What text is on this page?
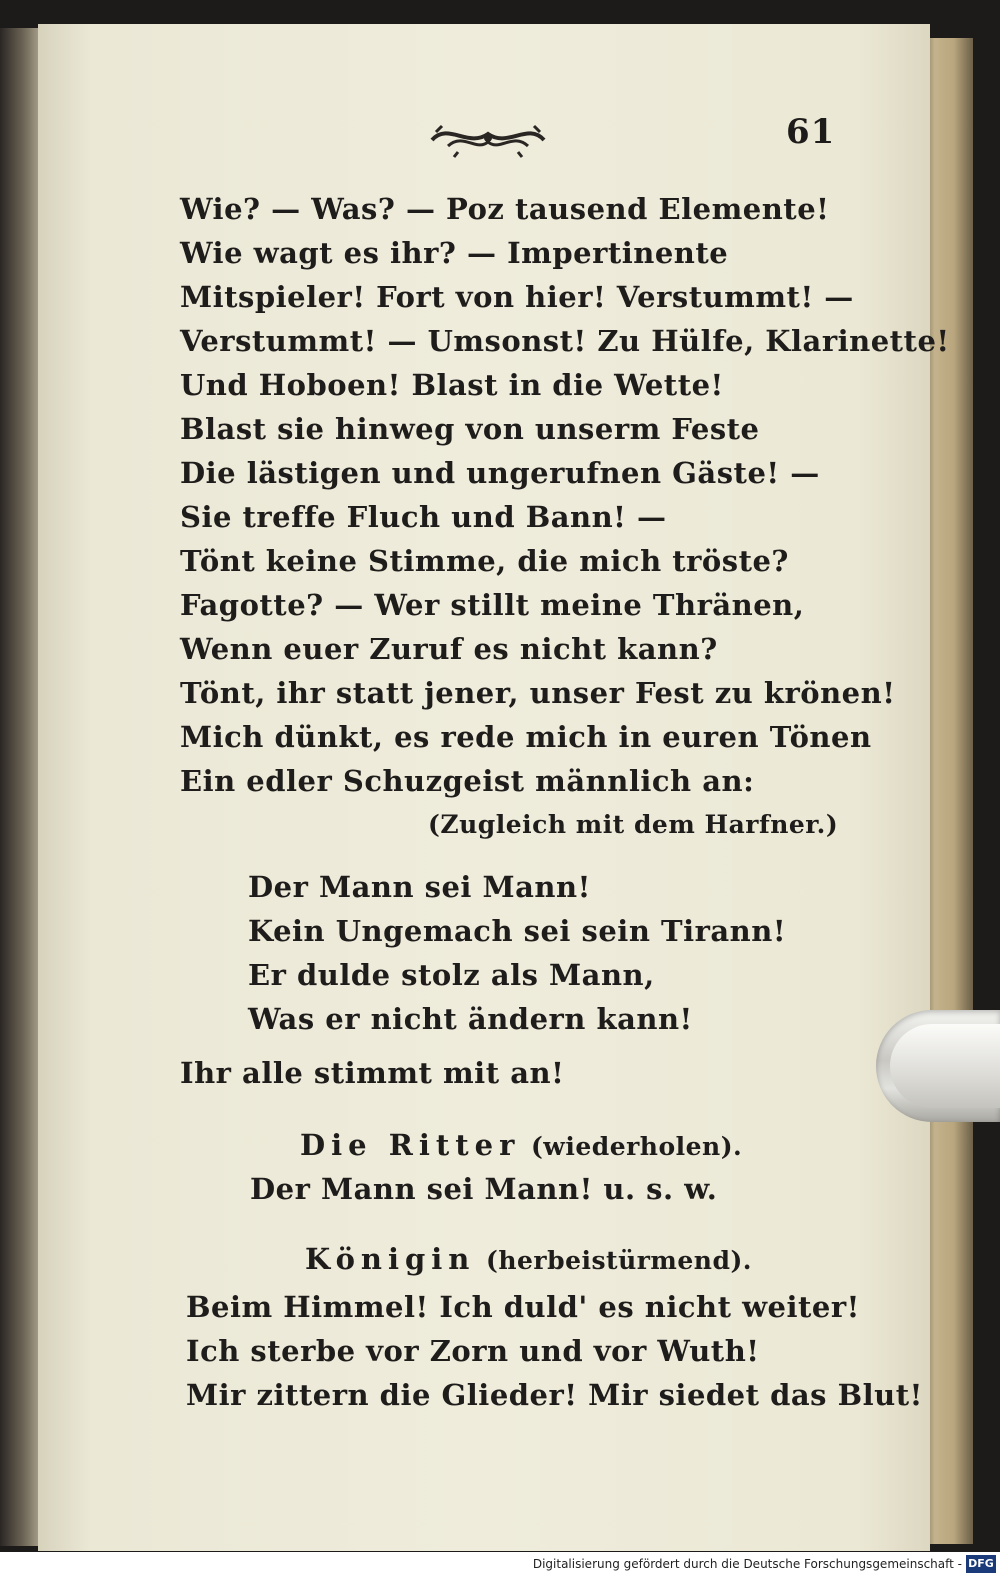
61
Wie? — Was? — Poz tausend Elemente!
Wie wagt es ihr? — Impertinente
Mitspieler! Fort von hier! Verstummt! —
Verstummt! — Umsonst! Zu Hülfe, Klarinette!
Und Hoboen! Blast in die Wette!
Blast sie hinweg von unserm Feste
Die lästigen und ungerufnen Gäste! —
Sie treffe Fluch und Bann! —
Tönt keine Stimme, die mich tröste?
Fagotte? — Wer stillt meine Thränen,
Wenn euer Zuruf es nicht kann?
Tönt, ihr statt jener, unser Fest zu krönen!
Mich dünkt, es rede mich in euren Tönen
Ein edler Schuzgeist männlich an:
(Zugleich mit dem Harfner.)
Der Mann sei Mann!
Kein Ungemach sei sein Tirann!
Er dulde stolz als Mann,
Was er nicht ändern kann!
Ihr alle stimmt mit an!
Die Ritter (wiederholen).
Der Mann sei Mann! u. s. w.
Königin (herbeistürmend).
Beim Himmel! Ich duld' es nicht weiter!
Ich sterbe vor Zorn und vor Wuth!
Mir zittern die Glieder! Mir siedet das Blut!
Digitalisierung gefördert durch die Deutsche Forschungsgemeinschaft - DFG
